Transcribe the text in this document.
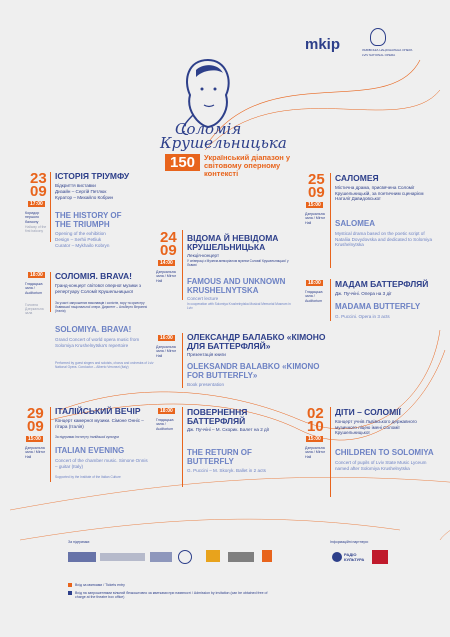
mkip	ЛЬВІВСЬКА НАЦІОНАЛЬНА ОПЕРА
LVIV NATIONAL OPERA
Соломія
Крушельницька
150	Український діапазон у світовому оперному контексті
23
09
17:00
Коридор першого балкону
Hallway of the first balcony
ІСТОРІЯ ТРІУМФУ
Відкриття виставки
Дизайн – Сергій Петлюк
Куратор – Михайло Кобрин
THE HISTORY OF THE TRIUMPH
Opening of the exhibition
Design – Serhii Petliuk
Curator – Mykhailo Kobryn
18:00
Глядацька зала / Auditorium
Головна Дзеркальна зала
СОЛОМІЯ. BRAVA!
Гранд-концерт світової оперної музики з репертуару Соломії Крушельницької
За участі запрошених виконавців і солістів, хору та оркестру Львівської національної опери. Диригент – Альберто Веронезі (Італія)
SOLOMIYA. BRAVA!
Grand Concert of world opera music from Solomiya Krushelnytska's repertoire
Performed by guest singers and soloists, chorus and orchestra of Lviv National Opera. Conductor – Alberto Veronezi (Italy)
24
09
14:00
Дзеркальна зала / Mirror Hall
ВІДОМА Й НЕВІДОМА КРУШЕЛЬНИЦЬКА
Лекція-концерт
У співпраці з Музеєм-меморіалом музеєм Соломії Крушельницької у Львові
FAMOUS AND UNKNOWN KRUSHELNYTSKA
Concert lecture
In cooperation with Solomiya Krushelnytska Musical Memorial Museum in Lviv
16:00
Дзеркальна зала / Mirror Hall
ОЛЕКСАНДР БАЛАБКО «КІМОНО ДЛЯ БАТТЕРФЛЯЙ»
Презентація книги
OLEKSANDR BALABKO «KIMONO FOR BUTTERFLY»
Book presentation
25
09
15:00
Дзеркальна зала / Mirror Hall
САЛОМЕЯ
Містична драма, присвячена Соломії Крушельницькій, за поетичним сценарієм Наталії Давидовської
SALOMEA
Mystical drama based on the poetic script of Nataliia Dovydovska and dedicated to Solomiya Krushelnytska
18:00
Глядацька зала / Auditorium
МАДАМ БАТТЕРФЛЯЙ
Дж. Пуччіні. Опера на 3 дії
MADAMA BUTTERFLY
G. Puccini. Opera in 3 acts
29
09
15:00
Дзеркальна зала / Mirror Hall
ІТАЛІЙСЬКИЙ ВЕЧІР
Концерт камерної музики. Сімоне Онніс – гітара (Італія)
За підтримки Інституту італійської культури
ITALIAN EVENING
Concert of the chamber music. Simone Onnis – guitar (Italy)
Supported by the Institute of the Italian Culture
18:00
Глядацька зала / Auditorium
ПОВЕРНЕННЯ БАТТЕРФЛЯЙ
Дж. Пуччіні – М. Скорик. Балет на 2 дії
THE RETURN OF BUTTERFLY
G. Puccini – M. Skoryk. Ballet in 2 acts
02
10
15:00
Дзеркальна зала / Mirror Hall
ДІТИ – СОЛОМІЇ
Концерт учнів Львівського державного музичного ліцею імені Соломії Крушельницької
CHILDREN TO SOLOMIYA
Concert of pupils of Lviv State Music Lyceum named after Solomiya Krushelnytska
За підтримки:	Інформаційні партнери:
РАДІО КУЛЬТУРА
Вхід за квитками / Tickets entry
Вхід на запрошеннями вільний безкоштовно за квитками при наявності / Admission by invitation (can be obtained free of charge at the theatre box office)
